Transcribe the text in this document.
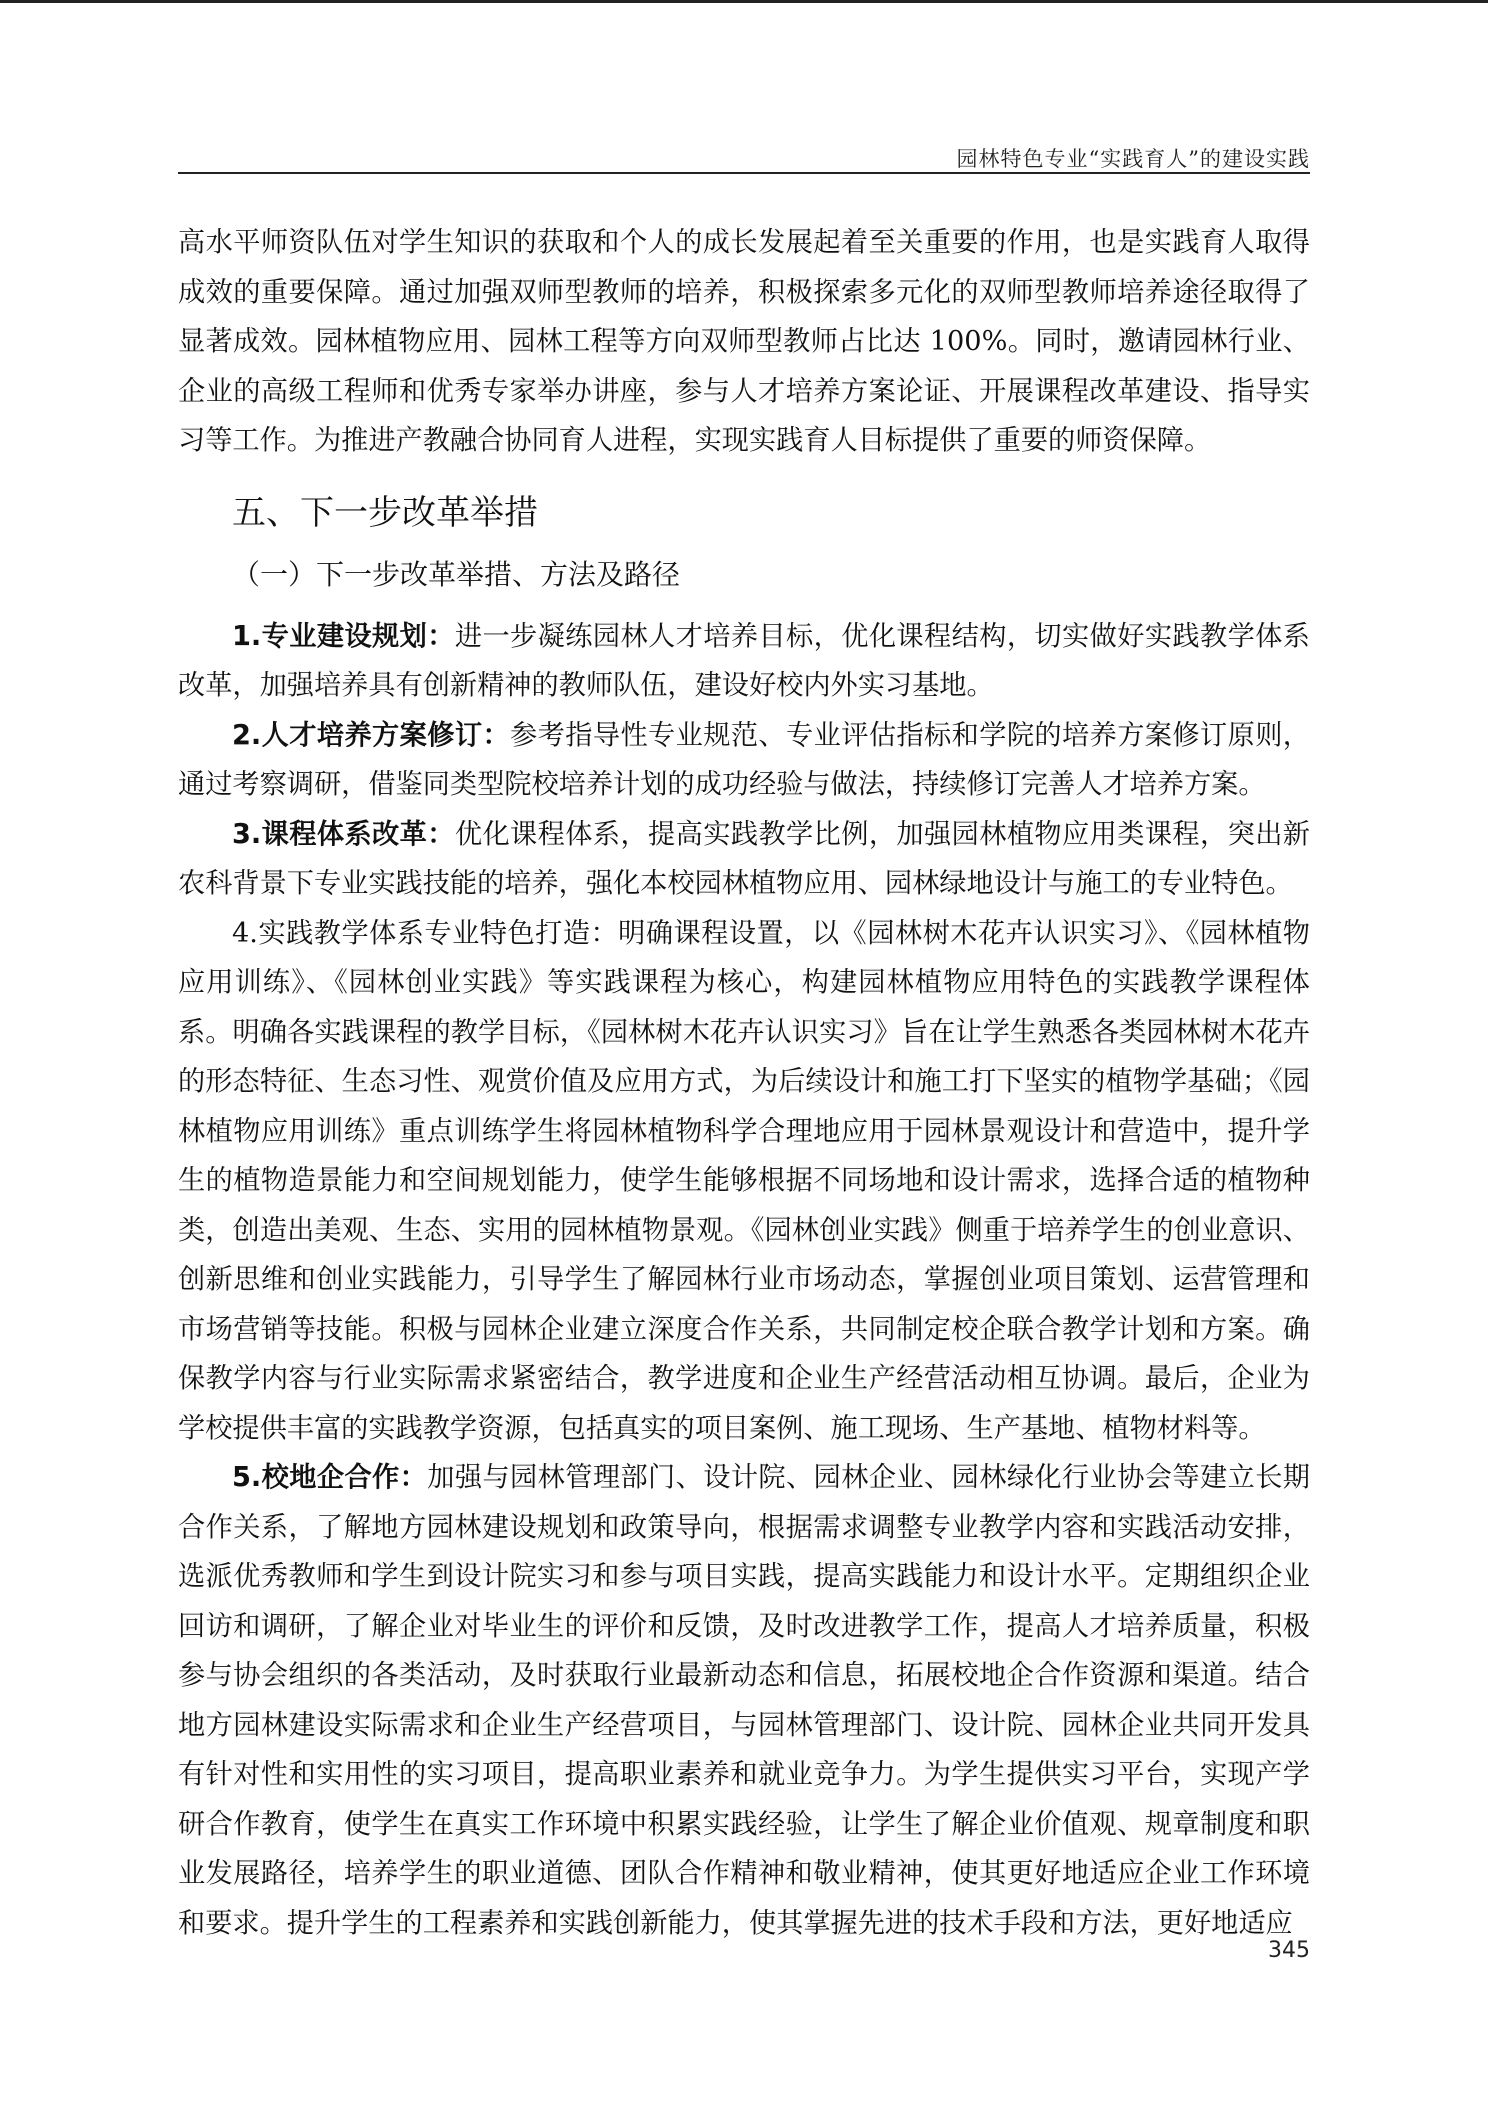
园林特色专业“实践育人”的建设实践

高水平师资队伍对学生知识的获取和个人的成长发展起着至关重要的作用，也是实践育人取得成效的重要保障。通过加强双师型教师的培养，积极探索多元化的双师型教师培养途径取得了显著成效。园林植物应用、园林工程等方向双师型教师占比达 100%。同时，邀请园林行业、企业的高级工程师和优秀专家举办讲座，参与人才培养方案论证、开展课程改革建设、指导实习等工作。为推进产教融合协同育人进程，实现实践育人目标提供了重要的师资保障。

五、下一步改革举措
（一）下一步改革举措、方法及路径

1.专业建设规划：进一步凝练园林人才培养目标，优化课程结构，切实做好实践教学体系改革，加强培养具有创新精神的教师队伍，建设好校内外实习基地。

2.人才培养方案修订：参考指导性专业规范、专业评估指标和学院的培养方案修订原则，通过考察调研，借鉴同类型院校培养计划的成功经验与做法，持续修订完善人才培养方案。

3.课程体系改革：优化课程体系，提高实践教学比例，加强园林植物应用类课程，突出新农科背景下专业实践技能的培养，强化本校园林植物应用、园林绿地设计与施工的专业特色。

4.实践教学体系专业特色打造：明确课程设置，以《园林树木花卉认识实习》、《园林植物应用训练》、《园林创业实践》等实践课程为核心，构建园林植物应用特色的实践教学课程体系。明确各实践课程的教学目标，《园林树木花卉认识实习》旨在让学生熟悉各类园林树木花卉的形态特征、生态习性、观赏价值及应用方式，为后续设计和施工打下坚实的植物学基础；《园林植物应用训练》重点训练学生将园林植物科学合理地应用于园林景观设计和营造中，提升学生的植物造景能力和空间规划能力，使学生能够根据不同场地和设计需求，选择合适的植物种类，创造出美观、生态、实用的园林植物景观。《园林创业实践》侧重于培养学生的创业意识、创新思维和创业实践能力，引导学生了解园林行业市场动态，掌握创业项目策划、运营管理和市场营销等技能。积极与园林企业建立深度合作关系，共同制定校企联合教学计划和方案。确保教学内容与行业实际需求紧密结合，教学进度和企业生产经营活动相互协调。最后，企业为学校提供丰富的实践教学资源，包括真实的项目案例、施工现场、生产基地、植物材料等。

5.校地企合作：加强与园林管理部门、设计院、园林企业、园林绿化行业协会等建立长期合作关系，了解地方园林建设规划和政策导向，根据需求调整专业教学内容和实践活动安排，选派优秀教师和学生到设计院实习和参与项目实践，提高实践能力和设计水平。定期组织企业回访和调研，了解企业对毕业生的评价和反馈，及时改进教学工作，提高人才培养质量，积极参与协会组织的各类活动，及时获取行业最新动态和信息，拓展校地企合作资源和渠道。结合地方园林建设实际需求和企业生产经营项目，与园林管理部门、设计院、园林企业共同开发具有针对性和实用性的实习项目，提高职业素养和就业竞争力。为学生提供实习平台，实现产学研合作教育，使学生在真实工作环境中积累实践经验，让学生了解企业价值观、规章制度和职业发展路径，培养学生的职业道德、团队合作精神和敬业精神，使其更好地适应企业工作环境和要求。提升学生的工程素养和实践创新能力，使其掌握先进的技术手段和方法，更好地适应

345
